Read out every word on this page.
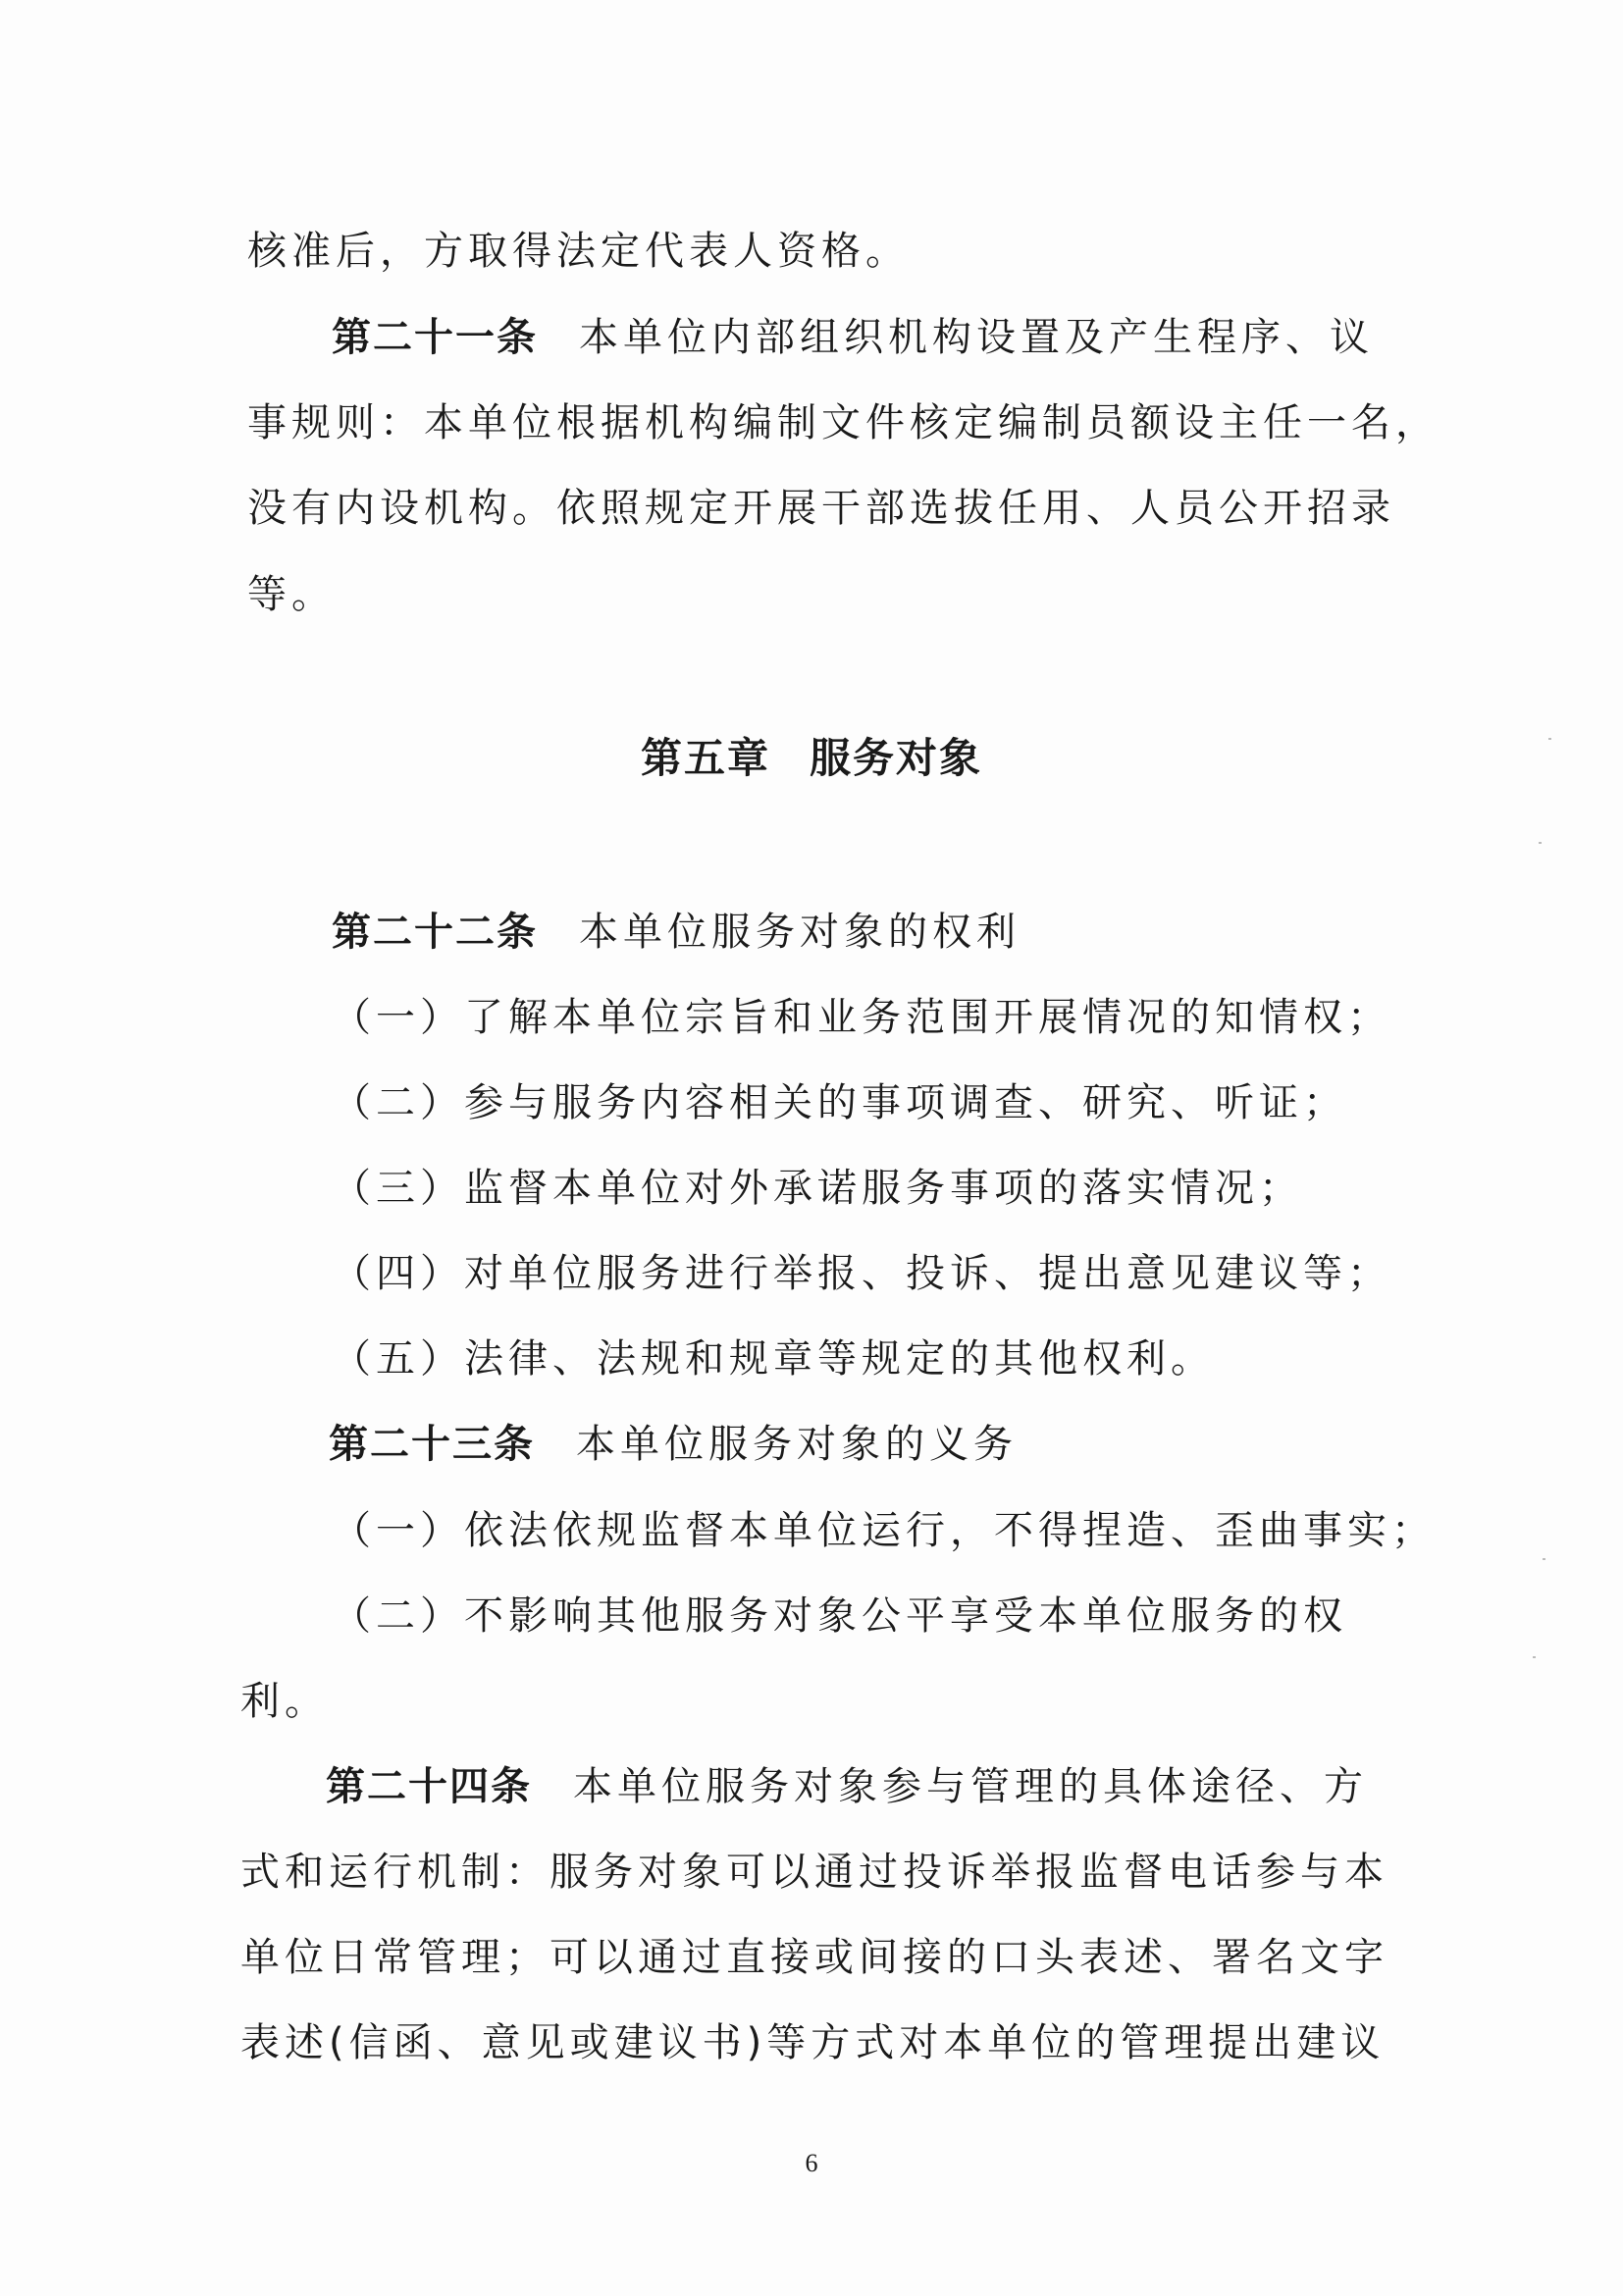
核准后，方取得法定代表人资格。
第二十一条 本单位内部组织机构设置及产生程序、议
事规则：本单位根据机构编制文件核定编制员额设主任一名，
没有内设机构。依照规定开展干部选拔任用、人员公开招录
等。
第五章 服务对象
第二十二条 本单位服务对象的权利
（一）了解本单位宗旨和业务范围开展情况的知情权；
（二）参与服务内容相关的事项调查、研究、听证；
（三）监督本单位对外承诺服务事项的落实情况；
（四）对单位服务进行举报、投诉、提出意见建议等；
（五）法律、法规和规章等规定的其他权利。
第二十三条 本单位服务对象的义务
（一）依法依规监督本单位运行，不得捏造、歪曲事实；
（二）不影响其他服务对象公平享受本单位服务的权
利。
第二十四条 本单位服务对象参与管理的具体途径、方
式和运行机制：服务对象可以通过投诉举报监督电话参与本
单位日常管理；可以通过直接或间接的口头表述、署名文字
表述(信函、意见或建议书)等方式对本单位的管理提出建议
6
